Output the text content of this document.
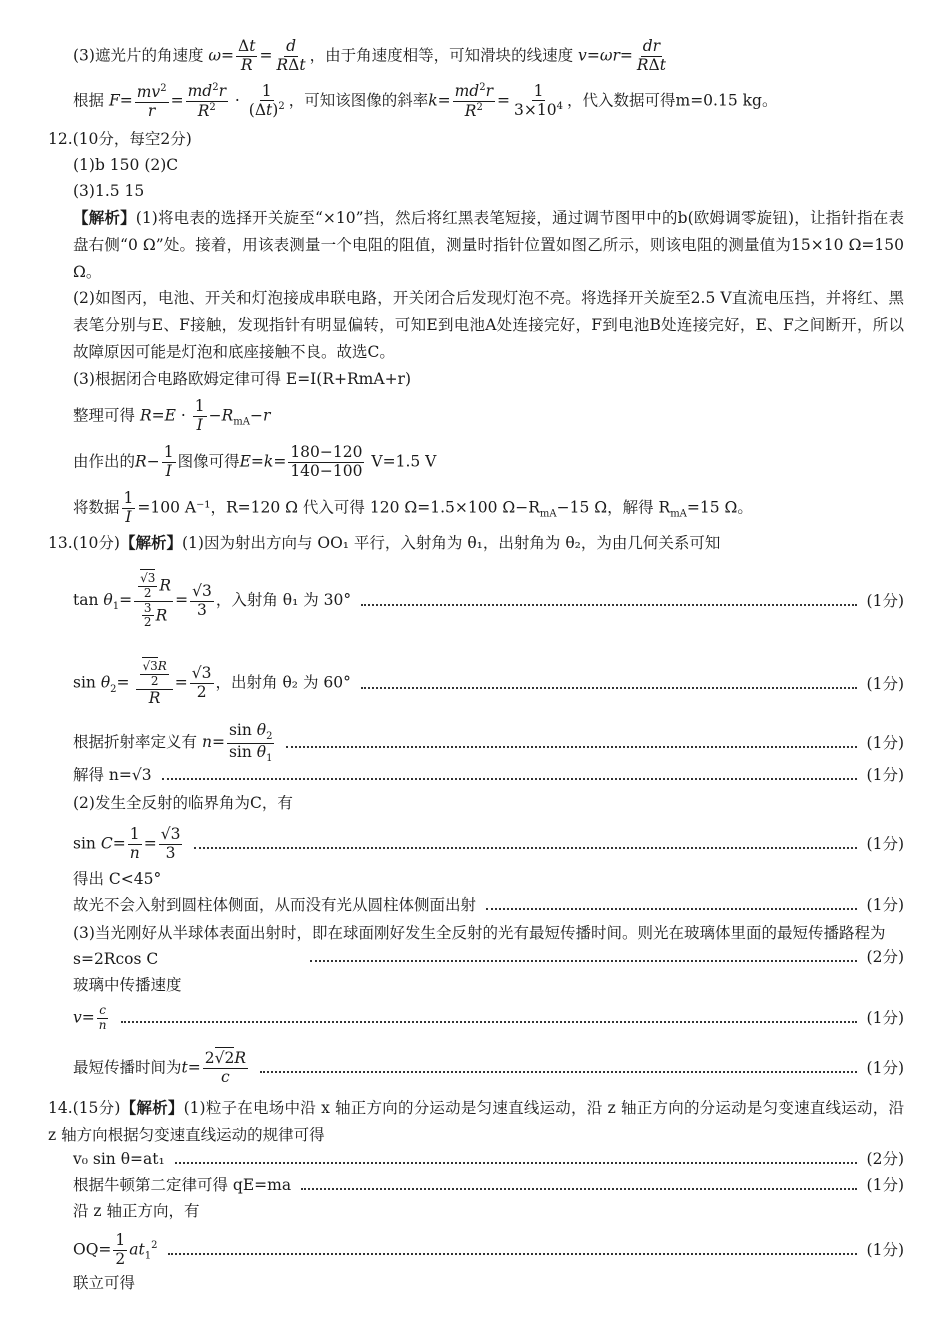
(3)遮光片的角速度 $\omega= \frac{\Delta t}{R} = \frac{d}{\text{RΔt}}$ ，由于角速度相等，可知滑块的线速度 $v=\omega r= \frac{dr}{\text{RΔt}}$
根据 $F= \frac{mv^2}{r} = \frac{md^2r}{R^2} \cdot \frac{1}{(\Delta t)^2}$ ，可知该图像的斜率$k= \frac{md^2r}{R^2} = \frac{1}{3\times 10^4}$ ，代入数据可得m=0.15 kg。
12.(10分，每空2分)
(1)b 150 (2)C
(3)1.5 15
【解析】(1)将电表的选择开关旋至“×10”挡，然后将红黑表笔短接，通过调节图甲中的b(欧姆调零旋钮)，让指针指在表盘右侧“0 Ω”处。接着，用该表测量一个电阻的阻值，测量时指针位置如图乙所示，则该电阻的测量值为15×10 Ω=150 Ω。
(2)如图丙，电池、开关和灯泡接成串联电路，开关闭合后发现灯泡不亮。将选择开关旋至2.5 V直流电压挡，并将红、黑表笔分别与E、F接触，发现指针有明显偏转，可知E到电池A处连接完好，F到电池B处连接完好，E、F之间断开，所以故障原因可能是灯泡和底座接触不良。故选C。
(3)根据闭合电路欧姆定律可得 E=I(R+RmA+r)
整理可得 $R=E \cdot \frac{1}{I} -R_{mA}-r$
由作出的$R- \frac{1}{I}$ 图像可得$E=k= \frac{180-120}{140-100} V=1.5$ V
将数据 $\frac{1}{I} =100$ A⁻¹，R=120 Ω 代入可得 120 Ω=1.5×100 $\Omega-R_{mA}-15$ Ω，解得 $R_{mA}=15$ Ω。
13.(10分)【解析】(1)因为射出方向与 OO₁ 平行，入射角为 θ₁，出射角为 θ₂，为由几何关系可知
$\tan \theta_1= \frac{\frac{√3}{2} R}{\frac{3}{2} R} = \frac{√3}{3}$ ，入射角 θ₁ 为 30°	(1分)
$\sin \theta_2= \frac{\frac{√3R}{2}}{R} = \frac{√3}{2}$ ，出射角 θ₂ 为 60°	(1分)
根据折射率定义有 $n= \frac{\sin \theta_2}{\sin \theta_1}$	(1分)
解得 n=√3	(1分)
(2)发生全反射的临界角为C，有
$\sin C= \frac{1}{n} = \frac{√3}{3}$	(1分)
得出 C<45°
故光不会入射到圆柱体侧面，从而没有光从圆柱体侧面出射	(1分)
(3)当光刚好从半球体表面出射时，即在球面刚好发生全反射的光有最短传播时间。则光在玻璃体里面的最短传播路程为 s=2Rcos C	(2分)
玻璃中传播速度
$v= \frac{c}{n}$	(1分)
最短传播时间为$t= \frac{2√2R}{c}$	(1分)
14.(15分)【解析】(1)粒子在电场中沿 x 轴正方向的分运动是匀速直线运动，沿 z 轴正方向的分运动是匀变速直线运动，沿 z 轴方向根据匀变速直线运动的规律可得
v₀ sin θ=at₁	(2分)
根据牛顿第二定律可得 qE=ma	(1分)
沿 z 轴正方向，有
$OQ= \frac{1}{2} at_1^2$	(1分)
联立可得
